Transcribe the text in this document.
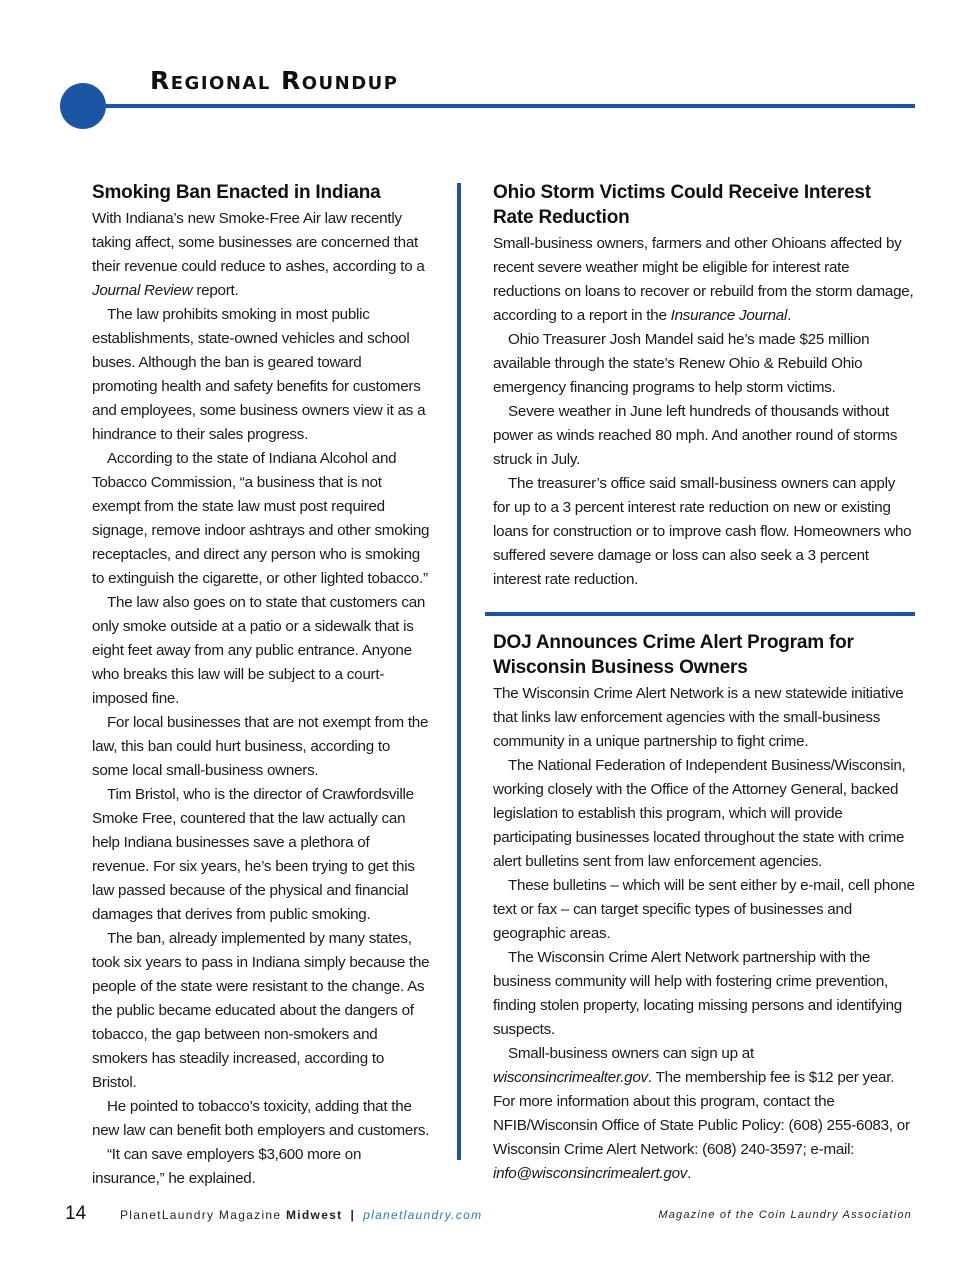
Regional Roundup
Smoking Ban Enacted in Indiana

With Indiana’s new Smoke-Free Air law recently taking affect, some businesses are concerned that their revenue could reduce to ashes, according to a Journal Review report.

The law prohibits smoking in most public establishments, state-owned vehicles and school buses. Although the ban is geared toward promoting health and safety benefits for customers and employees, some business owners view it as a hindrance to their sales progress.

According to the state of Indiana Alcohol and Tobacco Commission, “a business that is not exempt from the state law must post required signage, remove indoor ashtrays and other smoking receptacles, and direct any person who is smoking to extinguish the cigarette, or other lighted tobacco.”

The law also goes on to state that customers can only smoke outside at a patio or a sidewalk that is eight feet away from any public entrance. Anyone who breaks this law will be subject to a court-imposed fine.

For local businesses that are not exempt from the law, this ban could hurt business, according to some local small-business owners.

Tim Bristol, who is the director of Crawfordsville Smoke Free, countered that the law actually can help Indiana businesses save a plethora of revenue. For six years, he’s been trying to get this law passed because of the physical and financial damages that derives from public smoking.

The ban, already implemented by many states, took six years to pass in Indiana simply because the people of the state were resistant to the change. As the public became educated about the dangers of tobacco, the gap between non-smokers and smokers has steadily increased, according to Bristol.

He pointed to tobacco’s toxicity, adding that the new law can benefit both employers and customers.

“It can save employers $3,600 more on insurance,” he explained.

Ohio Storm Victims Could Receive Interest Rate Reduction

Small-business owners, farmers and other Ohioans affected by recent severe weather might be eligible for interest rate reductions on loans to recover or rebuild from the storm damage, according to a report in the Insurance Journal.

Ohio Treasurer Josh Mandel said he’s made $25 million available through the state’s Renew Ohio & Rebuild Ohio emergency financing programs to help storm victims.

Severe weather in June left hundreds of thousands without power as winds reached 80 mph. And another round of storms struck in July.

The treasurer’s office said small-business owners can apply for up to a 3 percent interest rate reduction on new or existing loans for construction or to improve cash flow. Homeowners who suffered severe damage or loss can also seek a 3 percent interest rate reduction.

DOJ Announces Crime Alert Program for Wisconsin Business Owners

The Wisconsin Crime Alert Network is a new statewide initiative that links law enforcement agencies with the small-business community in a unique partnership to fight crime.

The National Federation of Independent Business/Wisconsin, working closely with the Office of the Attorney General, backed legislation to establish this program, which will provide participating businesses located throughout the state with crime alert bulletins sent from law enforcement agencies.

These bulletins – which will be sent either by e-mail, cell phone text or fax – can target specific types of businesses and geographic areas.

The Wisconsin Crime Alert Network partnership with the business community will help with fostering crime prevention, finding stolen property, locating missing persons and identifying suspects.

Small-business owners can sign up at wisconsincrimealter.gov. The membership fee is $12 per year. For more information about this program, contact the NFIB/Wisconsin Office of State Public Policy: (608) 255-6083, or Wisconsin Crime Alert Network: (608) 240-3597; e-mail: info@wisconsincrimealert.gov.

14	PlanetLaundry Magazine Midwest | planetlaundry.com	Magazine of the Coin Laundry Association
